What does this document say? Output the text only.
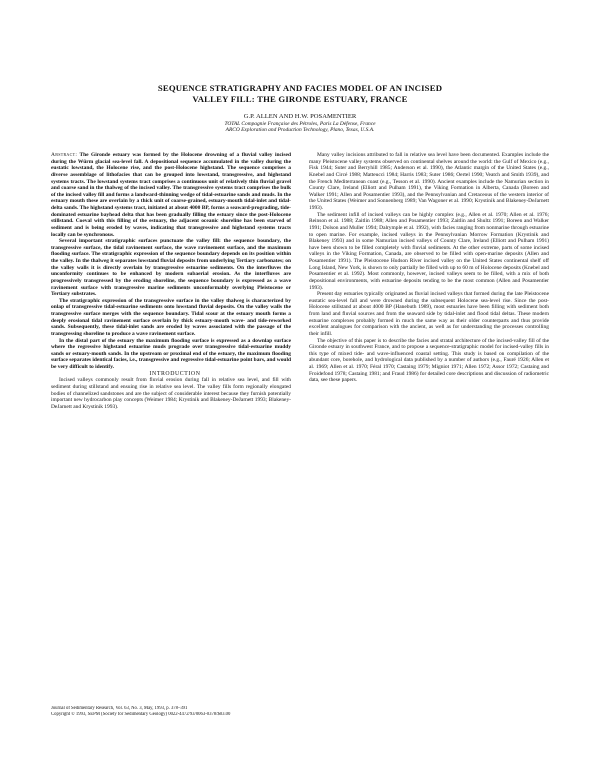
SEQUENCE STRATIGRAPHY AND FACIES MODEL OF AN INCISED
VALLEY FILL: THE GIRONDE ESTUARY, FRANCE
G.P. ALLEN AND H.W. POSAMENTIER
TOTAL Compagnie Française des Pétroles, Paris La Défense, France
ARCO Exploration and Production Technology, Plano, Texas, U.S.A.

Abstract: The Gironde estuary was formed by the Holocene drowning of a fluvial valley incised during the Würm glacial sea-level fall. A depositional sequence accumulated in the valley during the eustatic lowstand, the Holocene rise, and the post-Holocene highstand. The sequence comprises a diverse assemblage of lithofacies that can be grouped into lowstand, transgressive, and highstand systems tracts. The lowstand systems tract comprises a continuous unit of relatively thin fluvial gravel and coarse sand in the thalweg of the incised valley. The transgressive systems tract comprises the bulk of the incised valley fill and forms a landward-thinning wedge of tidal-estuarine sands and muds. In the estuary mouth these are overlain by a thick unit of coarse-grained, estuary-mouth tidal-inlet and tidal-delta sands. The highstand systems tract, initiated at about 4000 BP, forms a seaward-prograding, tide-dominated estuarine bayhead delta that has been gradually filling the estuary since the post-Holocene stillstand. Coeval with this filling of the estuary, the adjacent oceanic shoreline has been starved of sediment and is being eroded by waves, indicating that transgressive and highstand systems tracts locally can be synchronous.

Several important stratigraphic surfaces punctuate the valley fill: the sequence boundary, the transgressive surface, the tidal ravinement surface, the wave ravinement surface, and the maximum flooding surface. The stratigraphic expression of the sequence boundary depends on its position within the valley. In the thalweg it separates lowstand fluvial deposits from underlying Tertiary carbonates; on the valley walls it is directly overlain by transgressive estuarine sediments. On the interfluves the unconformity continues to be enhanced by modern subaerial erosion. As the interfluves are progressively transgressed by the eroding shoreline, the sequence boundary is expressed as a wave ravinement surface with transgressive marine sediments unconformably overlying Pleistocene or Tertiary substrates.

The stratigraphic expression of the transgressive surface in the valley thalweg is characterized by onlap of transgressive tidal-estuarine sediments onto lowstand fluvial deposits. On the valley walls the transgressive surface merges with the sequence boundary. Tidal scour at the estuary mouth forms a deeply erosional tidal ravinement surface overlain by thick estuary-mouth wave- and tide-reworked sands. Subsequently, these tidal-inlet sands are eroded by waves associated with the passage of the transgressing shoreline to produce a wave ravinement surface.

In the distal part of the estuary the maximum flooding surface is expressed as a downlap surface where the regressive highstand estuarine muds prograde over transgressive tidal-estuarine muddy sands or estuary-mouth sands. In the upstream or proximal end of the estuary, the maximum flooding surface separates identical facies, i.e., transgressive and regressive tidal-estuarine point bars, and would be very difficult to identify.

INTRODUCTION

Incised valleys commonly result from fluvial erosion during fall in relative sea level, and fill with sediment during stillstand and ensuing rise in relative sea level. The valley fills form regionally elongated bodies of channelized sandstones and are the subject of considerable interest because they furnish potentially important new hydrocarbon play concepts (Weimer 1984; Krystinik and Blakeney-DeJarnett 1993; Blakeney-DeJarnett and Krystinik 1993).

Many valley incisions attributed to fall in relative sea level have been documented. Examples include the many Pleistocene valley systems observed on continental shelves around the world: the Gulf of Mexico (e.g., Fisk 1944; Suter and Berryhill 1985; Anderson et al. 1990), the Atlantic margin of the United States (e.g., Knebel and Circé 1988; Matteucci 1984; Harris 1983; Suter 1986; Oertel 1990; Veatch and Smith 1939), and the French Mediterranean coast (e.g., Tesson et al. 1990). Ancient examples include the Namurian section in County Clare, Ireland (Elliott and Pulham 1991), the Viking Formation in Alberta, Canada (Boreen and Walker 1991; Allen and Posamentier 1993), and the Pennsylvanian and Cretaceous of the western interior of the United States (Weimer and Sonnenberg 1989; Van Wagoner et al. 1990; Krystinik and Blakeney-DeJarnett 1993).

The sediment infill of incised valleys can be highly complex (e.g., Allen et al. 1970; Allen et al. 1976; Reinson et al. 1988; Zaitlin 1988; Allen and Posamentier 1993; Zaitlin and Shultz 1991; Boreen and Walker 1991; Dolson and Muller 1994; Dalrymple et al. 1992), with facies ranging from nonmarine through estuarine to open marine. For example, incised valleys in the Pennsylvanian Morrow Formation (Krystinik and Blakeney 1993) and in some Namurian incised valleys of County Clare, Ireland (Elliott and Pulham 1991) have been shown to be filled completely with fluvial sediments. At the other extreme, parts of some incised valleys in the Viking Formation, Canada, are observed to be filled with open-marine deposits (Allen and Posamentier 1991). The Pleistocene Hudson River incised valley on the United States continental shelf off Long Island, New York, is shown to only partially be filled with up to 60 m of Holocene deposits (Knebel and Posamentier et al. 1992). Most commonly, however, incised valleys seem to be filled, with a mix of both depositional environments, with estuarine deposits tending to be the most common (Allen and Posamentier 1993).

Present day estuaries typically originated as fluvial incised valleys that formed during the late Pleistocene eustatic sea-level fall and were drowned during the subsequent Holocene sea-level rise. Since the post-Holocene stillstand at about 4000 BP (Hanebuth 1989), most estuaries have been filling with sediment both from land and fluvial sources and from the seaward side by tidal-inlet and flood tidal deltas. These modern estuarine complexes probably formed in much the same way as their older counterparts and thus provide excellent analogues for comparison with the ancient, as well as for understanding the processes controlling their infill.

The objective of this paper is to describe the facies and stratal architecture of the incised-valley fill of the Gironde estuary in southwest France, and to propose a sequence-stratigraphic model for incised-valley fills in this type of mixed tide- and wave-influenced coastal setting. This study is based on compilation of the abundant core, borehole, and hydrological data published by a number of authors (e.g., Fauré 1926; Allen et al. 1969; Allen et al. 1970; Féral 1970; Castaing 1979; Migniot 1971; Allen 1972; Assor 1972; Castaing and Froidefond 1978; Castaing 1981; and Fraud 1986) for detailed core descriptions and discussion of radiometric data, see these papers.

Journal of Sedimentary Research, Vol. 63, No. 3, May, 1993, p. 378–391
Copyright © 1993, SEPM (Society for Sedimentary Geology) 0022-4472/93/0063-0378/$03.00
